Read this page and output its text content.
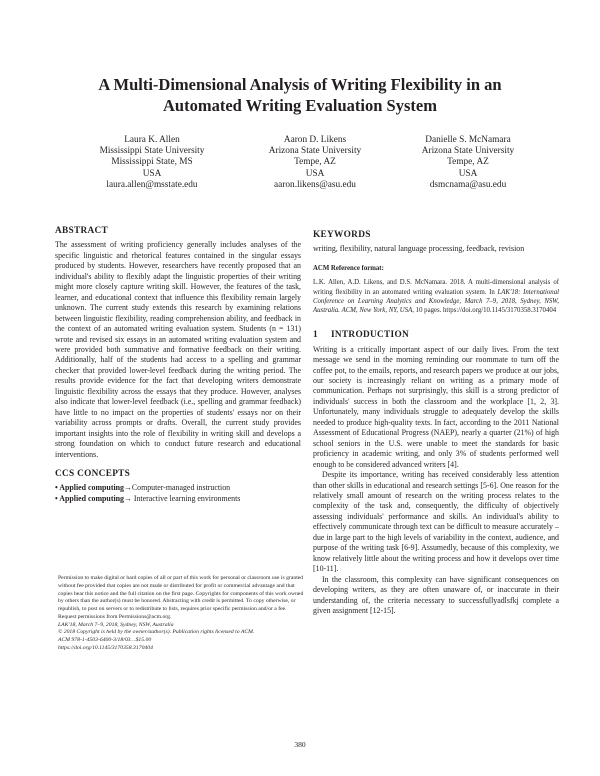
A Multi-Dimensional Analysis of Writing Flexibility in an
Automated Writing Evaluation System
Laura K. Allen
Mississippi State University
Mississippi State, MS
USA
laura.allen@msstate.edu
Aaron D. Likens
Arizona State University
Tempe, AZ
USA
aaron.likens@asu.edu
Danielle S. McNamara
Arizona State University
Tempe, AZ
USA
dsmcnama@asu.edu
ABSTRACT

The assessment of writing proficiency generally includes analyses of the specific linguistic and rhetorical features contained in the singular essays produced by students. However, researchers have recently proposed that an individual's ability to flexibly adapt the linguistic properties of their writing might more closely capture writing skill. However, the features of the task, learner, and educational context that influence this flexibility remain largely unknown. The current study extends this research by examining relations between linguistic flexibility, reading comprehension ability, and feedback in the context of an automated writing evaluation system. Students (n = 131) wrote and revised six essays in an automated writing evaluation system and were provided both summative and formative feedback on their writing. Additionally, half of the students had access to a spelling and grammar checker that provided lower-level feedback during the writing period. The results provide evidence for the fact that developing writers demonstrate linguistic flexibility across the essays that they produce. However, analyses also indicate that lower-level feedback (i.e., spelling and grammar feedback) have little to no impact on the properties of students' essays nor on their variability across prompts or drafts. Overall, the current study provides important insights into the role of flexibility in writing skill and develops a strong foundation on which to conduct future research and educational interventions.

CCS CONCEPTS
• Applied computing→Computer-managed instruction
• Applied computing→ Interactive learning environments

Permission to make digital or hard copies of all or part of this work for personal or classroom use is granted without fee provided that copies are not made or distributed for profit or commercial advantage and that copies bear this notice and the full citation on the first page. Copyrights for components of this work owned by others than the author(s) must be honored. Abstracting with credit is permitted. To copy otherwise, or republish, to post on servers or to redistribute to lists, requires prior specific permission and/or a fee. Request permissions from Permissions@acm.org.

LAK'18, March 7–9, 2018, Sydney, NSW, Australia

© 2018 Copyright is held by the owner/author(s). Publication rights licensed to ACM.

ACM 978-1-4503-6400-3/18/03…$15.00

https://doi.org/10.1145/3170358.3170404

KEYWORDS

writing, flexibility, natural language processing, feedback, revision

ACM Reference format:

L.K. Allen, A.D. Likens, and D.S. McNamara. 2018. A multi-dimensional analysis of writing flexibility in an automated writing evaluation system. In LAK'18: International Conference on Learning Analytics and Knowledge, March 7–9, 2018, Sydney, NSW, Australia. ACM, New York, NY, USA, 10 pages. https://doi.org/10.1145/3170358.3170404

1	INTRODUCTION

Writing is a critically important aspect of our daily lives. From the text message we send in the morning reminding our roommate to turn off the coffee pot, to the emails, reports, and research papers we produce at our jobs, our society is increasingly reliant on writing as a primary mode of communication. Perhaps not surprisingly, this skill is a strong predictor of individuals' success in both the classroom and the workplace [1, 2, 3]. Unfortunately, many individuals struggle to adequately develop the skills needed to produce high-quality texts. In fact, according to the 2011 National Assessment of Educational Progress (NAEP), nearly a quarter (21%) of high school seniors in the U.S. were unable to meet the standards for basic proficiency in academic writing, and only 3% of students performed well enough to be considered advanced writers [4].

Despite its importance, writing has received considerably less attention than other skills in educational and research settings [5-6]. One reason for the relatively small amount of research on the writing process relates to the complexity of the task and, consequently, the difficulty of objectively assessing individuals' performance and skills. An individual's ability to effectively communicate through text can be difficult to measure accurately – due in large part to the high levels of variability in the context, audience, and purpose of the writing task [6-9]. Assumedly, because of this complexity, we know relatively little about the writing process and how it develops over time [10-11].

In the classroom, this complexity can have significant consequences on developing writers, as they are often unaware of, or inaccurate in their understanding of, the criteria necessary to successfullyadlsfkj complete a given assignment [12-15].

380
